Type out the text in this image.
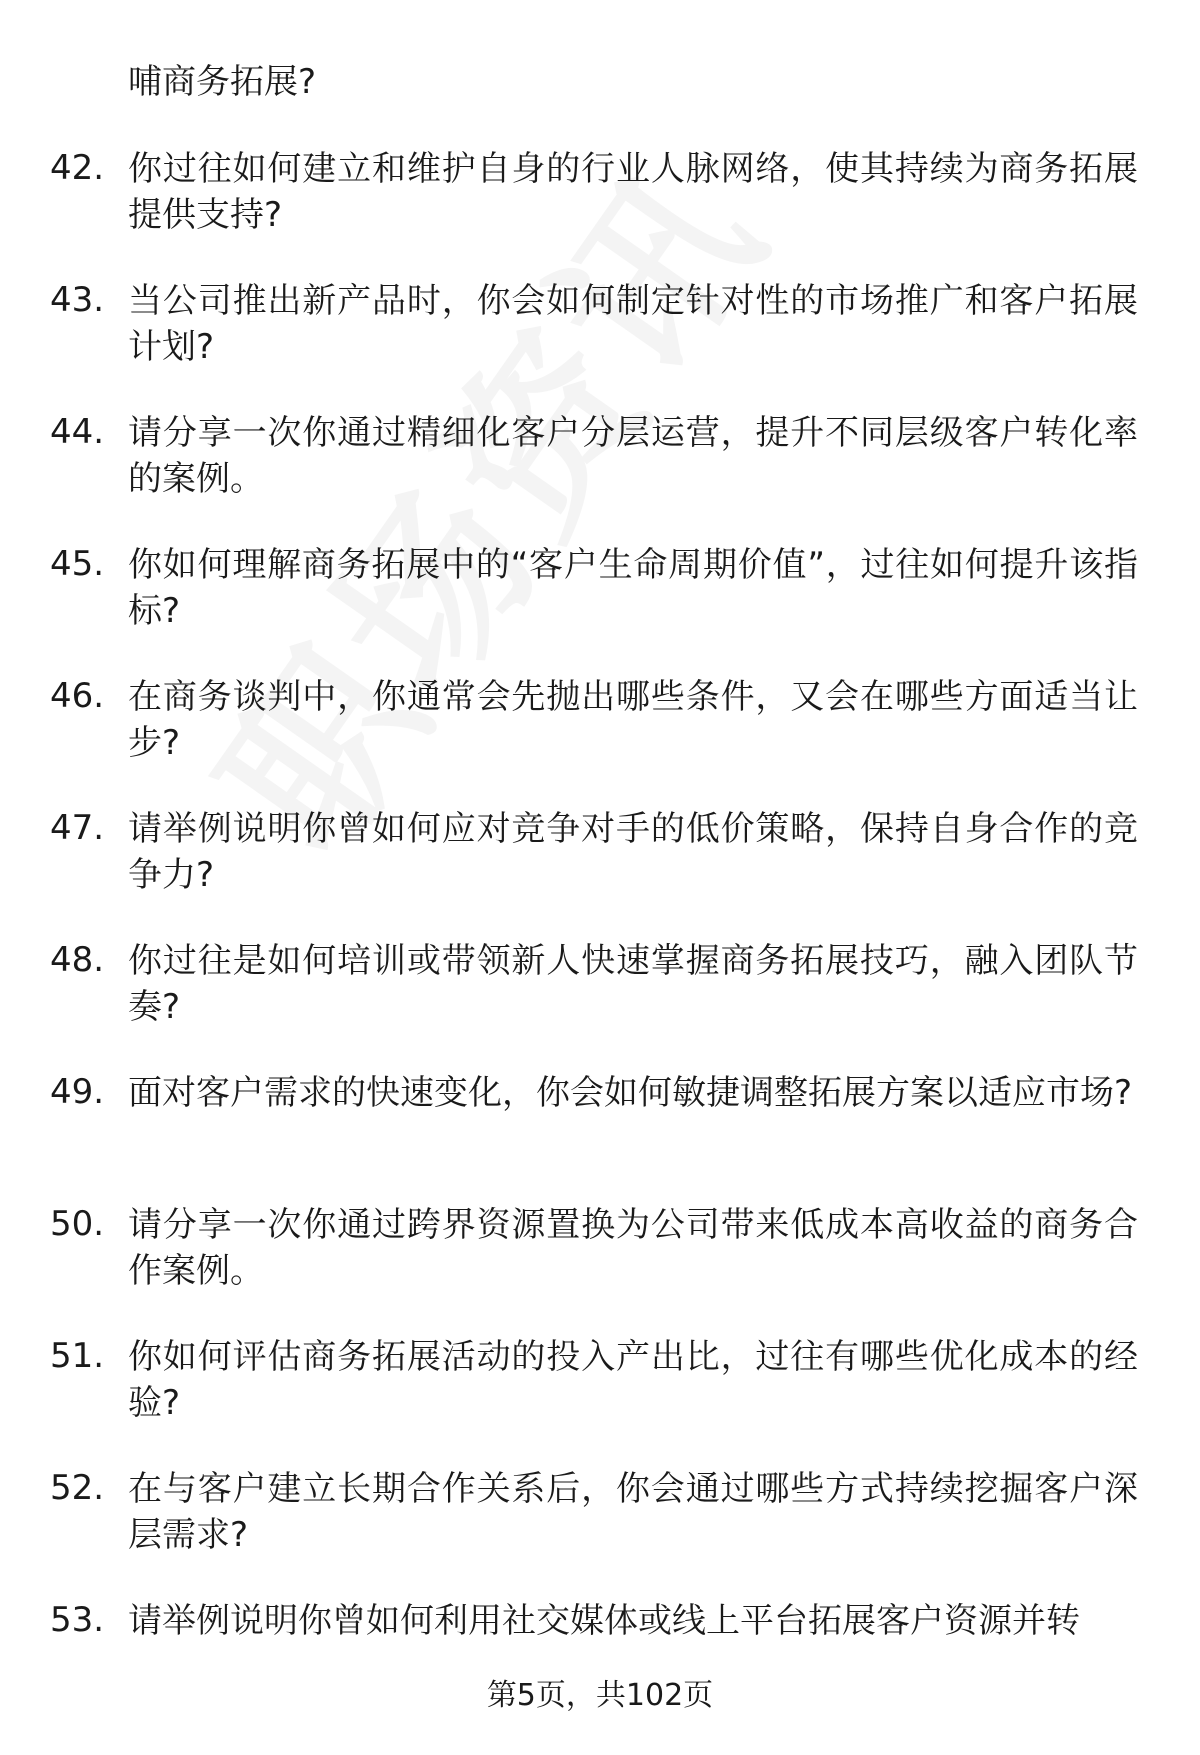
哺商务拓展?
42. 你过往如何建立和维护自身的行业人脉网络，使其持续为商务拓展提供支持?
43. 当公司推出新产品时，你会如何制定针对性的市场推广和客户拓展计划?
44. 请分享一次你通过精细化客户分层运营，提升不同层级客户转化率的案例。
45. 你如何理解商务拓展中的“客户生命周期价值”，过往如何提升该指标?
46. 在商务谈判中，你通常会先抛出哪些条件，又会在哪些方面适当让步?
47. 请举例说明你曾如何应对竞争对手的低价策略，保持自身合作的竞争力?
48. 你过往是如何培训或带领新人快速掌握商务拓展技巧，融入团队节奏?
49. 面对客户需求的快速变化，你会如何敏捷调整拓展方案以适应市场?
50. 请分享一次你通过跨界资源置换为公司带来低成本高收益的商务合作案例。
51. 你如何评估商务拓展活动的投入产出比，过往有哪些优化成本的经验?
52. 在与客户建立长期合作关系后，你会通过哪些方式持续挖掘客户深层需求?
53. 请举例说明你曾如何利用社交媒体或线上平台拓展客户资源并转
第5页，共102页
